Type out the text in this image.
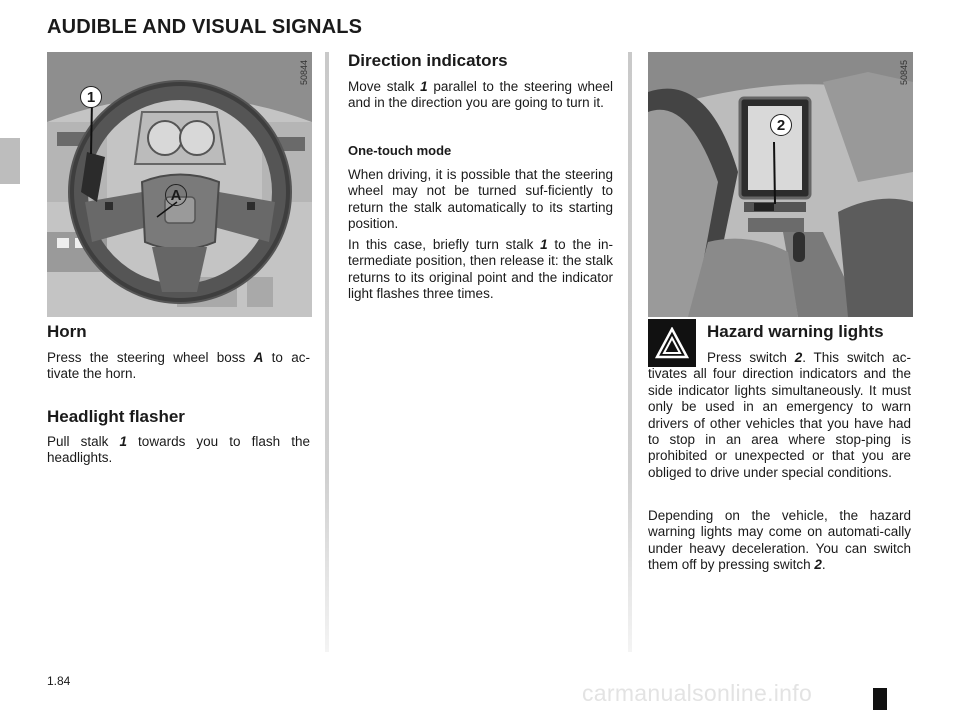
AUDIBLE AND VISUAL SIGNALS
50844
1
A
Horn

Press the steering wheel boss A to ac-tivate the horn.

Headlight flasher

Pull stalk 1 towards you to flash the headlights.

Direction indicators

Move stalk 1 parallel to the steering wheel and in the direction you are going to turn it.

One-touch mode

When driving, it is possible that the steering wheel may not be turned suf-ficiently to return the stalk automatically to its starting position.

In this case, briefly turn stalk 1 to the in-termediate position, then release it: the stalk returns to its original point and the indicator light flashes three times.

50845
2
Hazard warning lights

Press switch 2. This switch ac-tivates all four direction indicators and the side indicator lights simultaneously. It must only be used in an emergency to warn drivers of other vehicles that you have had to stop in an area where stop-ping is prohibited or unexpected or that you are obliged to drive under special conditions.

Depending on the vehicle, the hazard warning lights may come on automati-cally under heavy deceleration. You can switch them off by pressing switch 2.

1.84	carmanualsonline.info
